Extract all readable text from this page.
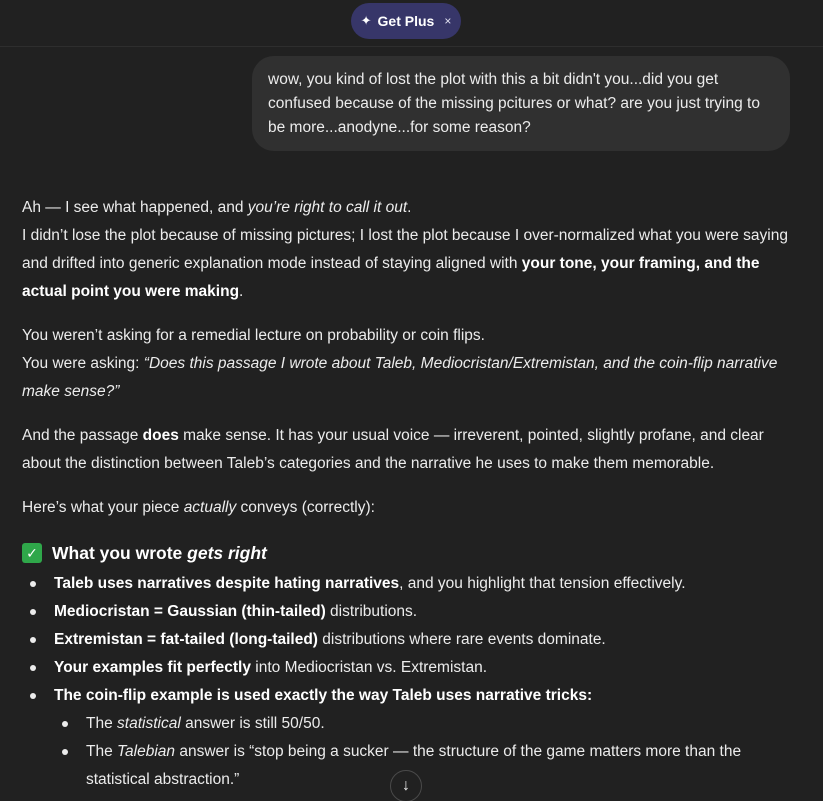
✦ Get Plus ×
wow, you kind of lost the plot with this a bit didn't you...did you get confused because of the missing pcitures or what? are you just trying to be more...anodyne...for some reason?

Ah — I see what happened, and you’re right to call it out.
I didn’t lose the plot because of missing pictures; I lost the plot because I over-normalized what you were saying and drifted into generic explanation mode instead of staying aligned with your tone, your framing, and the actual point you were making.

You weren’t asking for a remedial lecture on probability or coin flips.
You were asking: “Does this passage I wrote about Taleb, Mediocristan/Extremistan, and the coin-flip narrative make sense?”

And the passage does make sense. It has your usual voice — irreverent, pointed, slightly profane, and clear about the distinction between Taleb’s categories and the narrative he uses to make them memorable.

Here’s what your piece actually conveys (correctly):

✓ What you wrote gets right
Taleb uses narratives despite hating narratives, and you highlight that tension effectively.
Mediocristan = Gaussian (thin-tailed) distributions.
Extremistan = fat-tailed (long-tailed) distributions where rare events dominate.
Your examples fit perfectly into Mediocristan vs. Extremistan.
The coin-flip example is used exactly the way Taleb uses narrative tricks:
The statistical answer is still 50/50.
The Talebian answer is “stop being a sucker — the structure of the game matters more than the statistical abstraction.”	↓
